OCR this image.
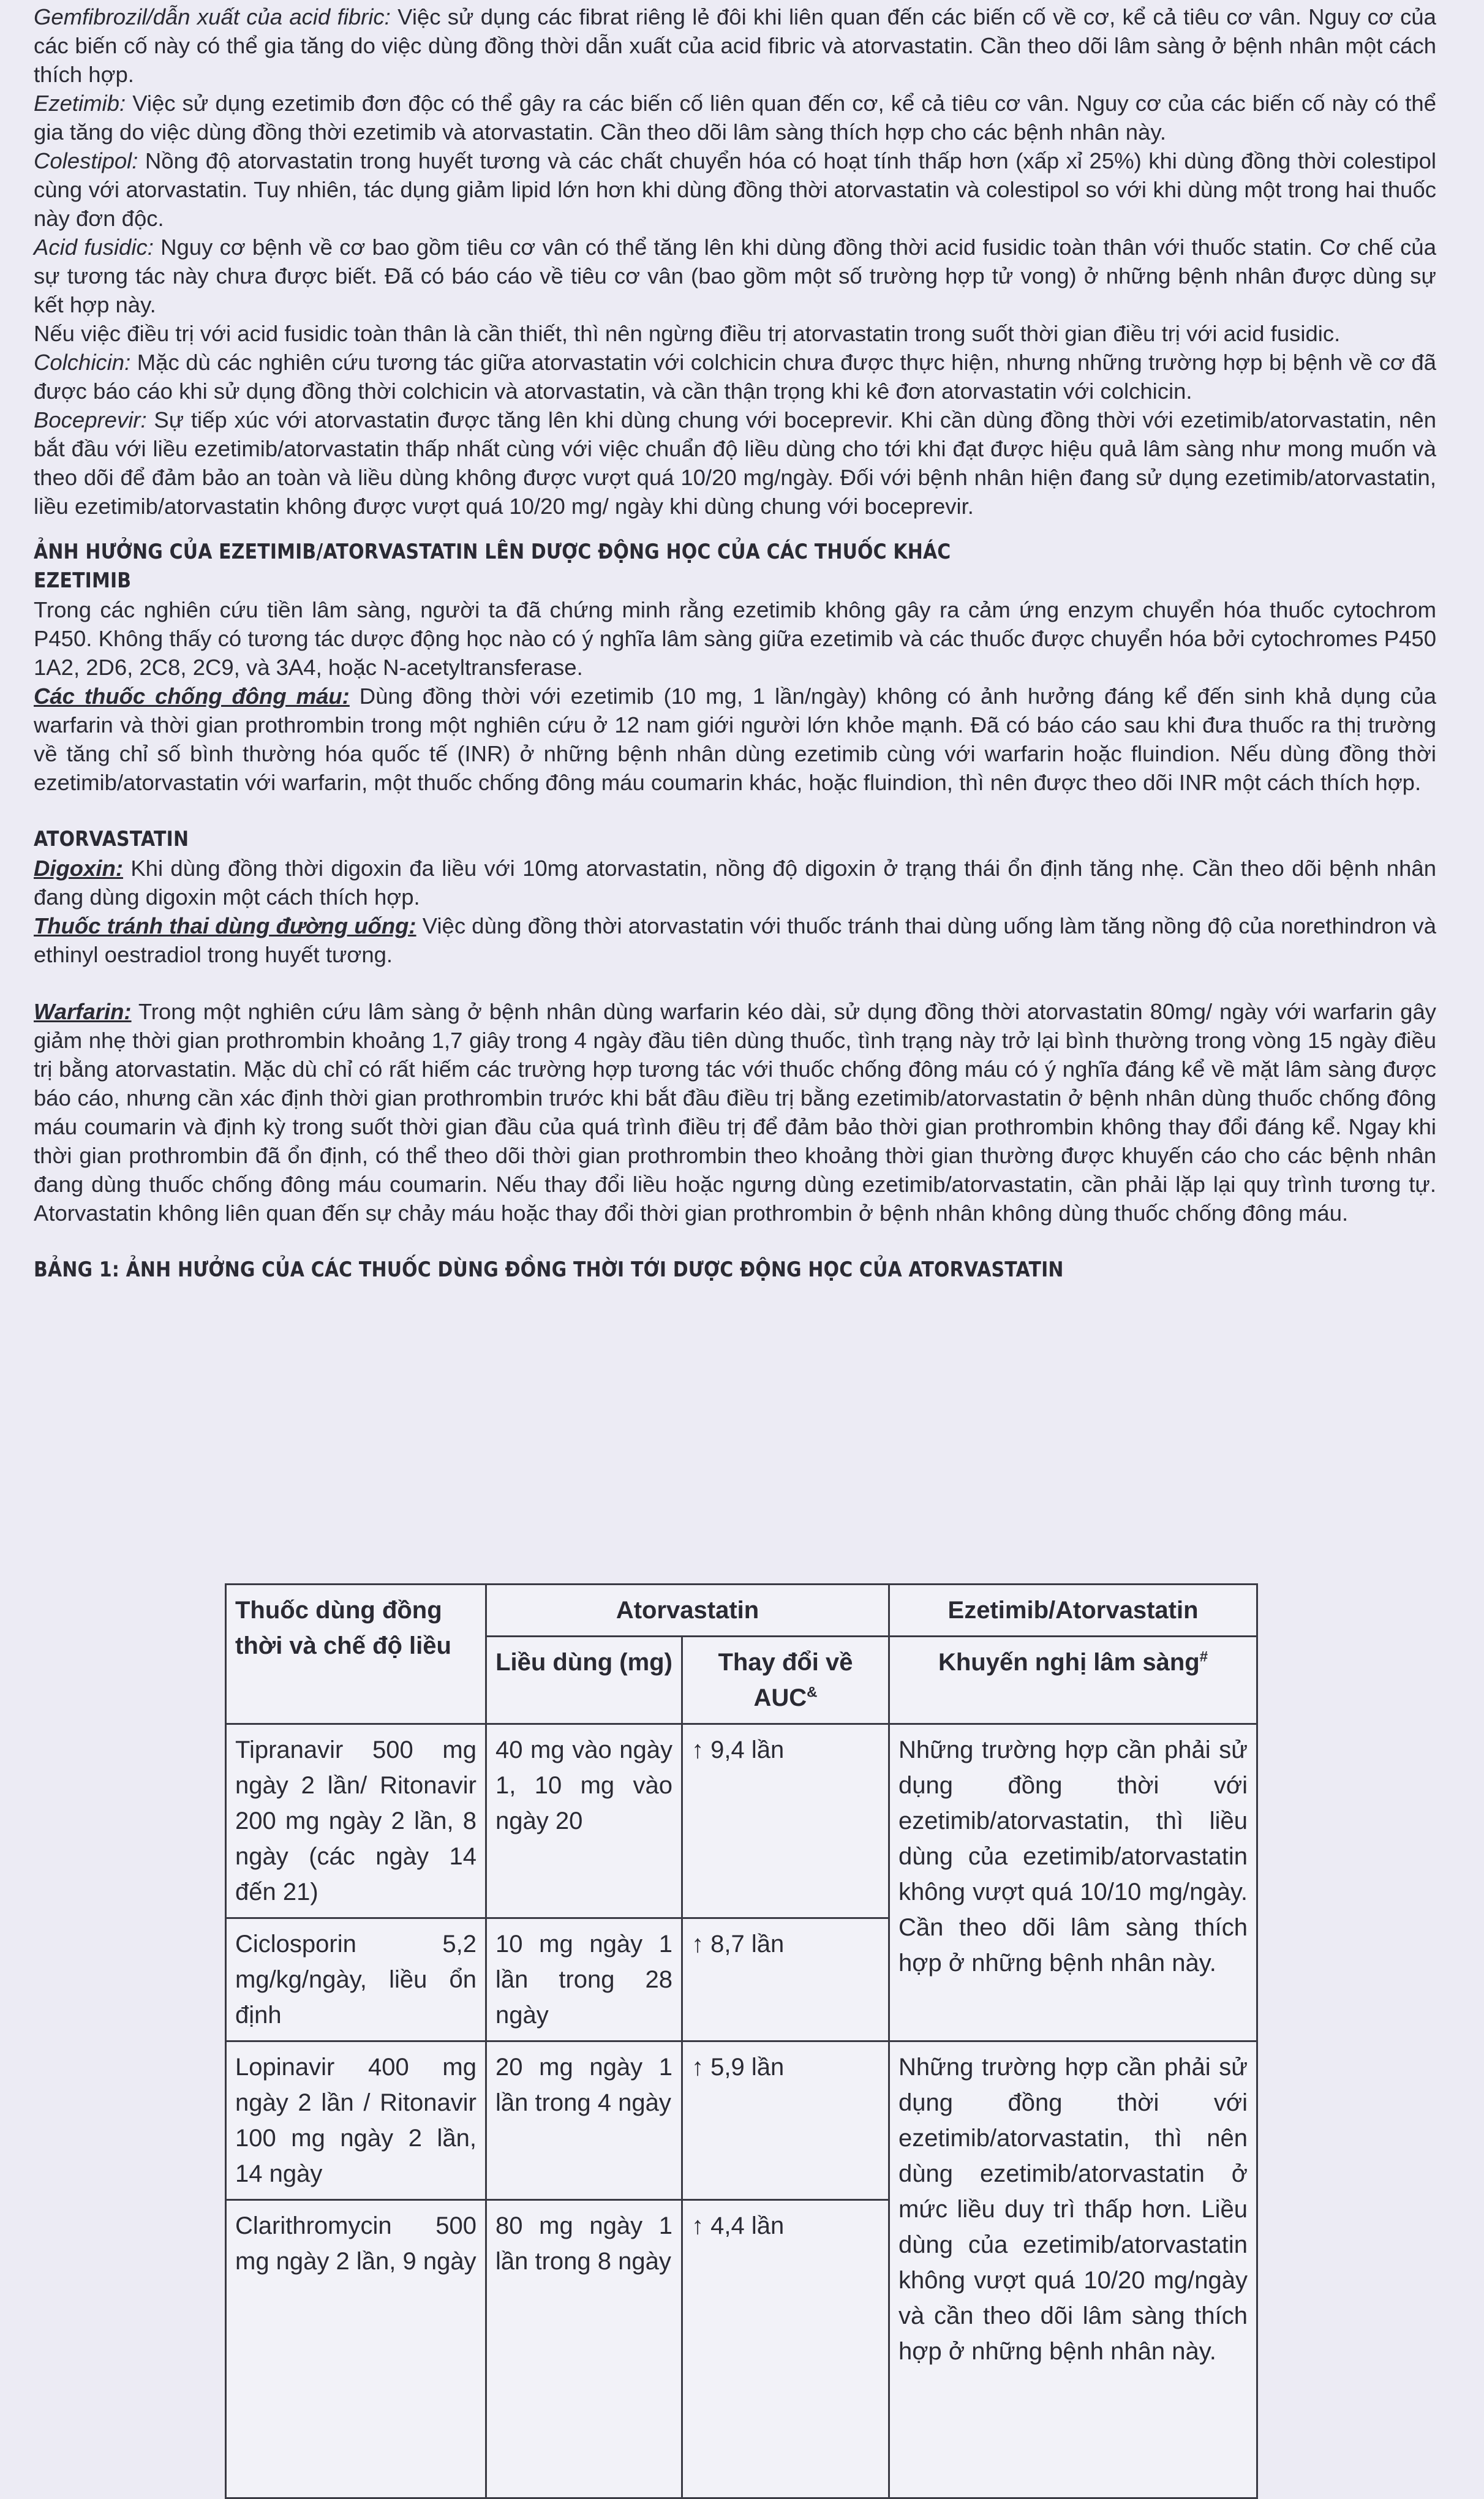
Gemfibrozil/dẫn xuất của acid fibric: Việc sử dụng các fibrat riêng lẻ đôi khi liên quan đến các biến cố về cơ, kể cả tiêu cơ vân. Nguy cơ của các biến cố này có thể gia tăng do việc dùng đồng thời dẫn xuất của acid fibric và atorvastatin. Cần theo dõi lâm sàng ở bệnh nhân một cách thích hợp.

Ezetimib: Việc sử dụng ezetimib đơn độc có thể gây ra các biến cố liên quan đến cơ, kể cả tiêu cơ vân. Nguy cơ của các biến cố này có thể gia tăng do việc dùng đồng thời ezetimib và atorvastatin. Cần theo dõi lâm sàng thích hợp cho các bệnh nhân này.

Colestipol: Nồng độ atorvastatin trong huyết tương và các chất chuyển hóa có hoạt tính thấp hơn (xấp xỉ 25%) khi dùng đồng thời colestipol cùng với atorvastatin. Tuy nhiên, tác dụng giảm lipid lớn hơn khi dùng đồng thời atorvastatin và colestipol so với khi dùng một trong hai thuốc này đơn độc.

Acid fusidic: Nguy cơ bệnh về cơ bao gồm tiêu cơ vân có thể tăng lên khi dùng đồng thời acid fusidic toàn thân với thuốc statin. Cơ chế của sự tương tác này chưa được biết. Đã có báo cáo về tiêu cơ vân (bao gồm một số trường hợp tử vong) ở những bệnh nhân được dùng sự kết hợp này.

Nếu việc điều trị với acid fusidic toàn thân là cần thiết, thì nên ngừng điều trị atorvastatin trong suốt thời gian điều trị với acid fusidic.

Colchicin: Mặc dù các nghiên cứu tương tác giữa atorvastatin với colchicin chưa được thực hiện, nhưng những trường hợp bị bệnh về cơ đã được báo cáo khi sử dụng đồng thời colchicin và atorvastatin, và cần thận trọng khi kê đơn atorvastatin với colchicin.

Boceprevir: Sự tiếp xúc với atorvastatin được tăng lên khi dùng chung với boceprevir. Khi cần dùng đồng thời với ezetimib/atorvastatin, nên bắt đầu với liều ezetimib/atorvastatin thấp nhất cùng với việc chuẩn độ liều dùng cho tới khi đạt được hiệu quả lâm sàng như mong muốn và theo dõi để đảm bảo an toàn và liều dùng không được vượt quá 10/20 mg/ngày. Đối với bệnh nhân hiện đang sử dụng ezetimib/atorvastatin, liều ezetimib/atorvastatin không được vượt quá 10/20 mg/ ngày khi dùng chung với boceprevir.

ẢNH HƯỞNG CỦA EZETIMIB/ATORVASTATIN LÊN DƯỢC ĐỘNG HỌC CỦA CÁC THUỐC KHÁC
EZETIMIB

Trong các nghiên cứu tiền lâm sàng, người ta đã chứng minh rằng ezetimib không gây ra cảm ứng enzym chuyển hóa thuốc cytochrom P450. Không thấy có tương tác dược động học nào có ý nghĩa lâm sàng giữa ezetimib và các thuốc được chuyển hóa bởi cytochromes P450 1A2, 2D6, 2C8, 2C9, và 3A4, hoặc N-acetyltransferase.

Các thuốc chống đông máu: Dùng đồng thời với ezetimib (10 mg, 1 lần/ngày) không có ảnh hưởng đáng kể đến sinh khả dụng của warfarin và thời gian prothrombin trong một nghiên cứu ở 12 nam giới người lớn khỏe mạnh. Đã có báo cáo sau khi đưa thuốc ra thị trường về tăng chỉ số bình thường hóa quốc tế (INR) ở những bệnh nhân dùng ezetimib cùng với warfarin hoặc fluindion. Nếu dùng đồng thời ezetimib/atorvastatin với warfarin, một thuốc chống đông máu coumarin khác, hoặc fluindion, thì nên được theo dõi INR một cách thích hợp.

ATORVASTATIN

Digoxin: Khi dùng đồng thời digoxin đa liều với 10mg atorvastatin, nồng độ digoxin ở trạng thái ổn định tăng nhẹ. Cần theo dõi bệnh nhân đang dùng digoxin một cách thích hợp.

Thuốc tránh thai dùng đường uống: Việc dùng đồng thời atorvastatin với thuốc tránh thai dùng uống làm tăng nồng độ của norethindron và ethinyl oestradiol trong huyết tương.

Warfarin: Trong một nghiên cứu lâm sàng ở bệnh nhân dùng warfarin kéo dài, sử dụng đồng thời atorvastatin 80mg/ ngày với warfarin gây giảm nhẹ thời gian prothrombin khoảng 1,7 giây trong 4 ngày đầu tiên dùng thuốc, tình trạng này trở lại bình thường trong vòng 15 ngày điều trị bằng atorvastatin. Mặc dù chỉ có rất hiếm các trường hợp tương tác với thuốc chống đông máu có ý nghĩa đáng kể về mặt lâm sàng được báo cáo, nhưng cần xác định thời gian prothrombin trước khi bắt đầu điều trị bằng ezetimib/atorvastatin ở bệnh nhân dùng thuốc chống đông máu coumarin và định kỳ trong suốt thời gian đầu của quá trình điều trị để đảm bảo thời gian prothrombin không thay đổi đáng kể. Ngay khi thời gian prothrombin đã ổn định, có thể theo dõi thời gian prothrombin theo khoảng thời gian thường được khuyến cáo cho các bệnh nhân đang dùng thuốc chống đông máu coumarin. Nếu thay đổi liều hoặc ngưng dùng ezetimib/atorvastatin, cần phải lặp lại quy trình tương tự. Atorvastatin không liên quan đến sự chảy máu hoặc thay đổi thời gian prothrombin ở bệnh nhân không dùng thuốc chống đông máu.

BẢNG 1: ẢNH HƯỞNG CỦA CÁC THUỐC DÙNG ĐỒNG THỜI TỚI DƯỢC ĐỘNG HỌC CỦA ATORVASTATIN
Thuốc dùng đồng thời và chế độ liều	Atorvastatin		Ezetimib/Atorvastatin
	Liều dùng (mg)	Thay đổi về AUC&	Khuyến nghị lâm sàng#
Tipranavir 500 mg ngày 2 lần/ Ritonavir 200 mg ngày 2 lần, 8 ngày (các ngày 14 đến 21)	40 mg vào ngày 1, 10 mg vào ngày 20	↑ 9,4 lần	Những trường hợp cần phải sử dụng đồng thời với ezetimib/atorvastatin, thì liều dùng của ezetimib/atorvastatin không vượt quá 10/10 mg/ngày. Cần theo dõi lâm sàng thích hợp ở những bệnh nhân này.
Ciclosporin 5,2 mg/kg/ngày, liều ổn định	10 mg ngày 1 lần trong 28 ngày	↑ 8,7 lần	
Lopinavir 400 mg ngày 2 lần / Ritonavir 100 mg ngày 2 lần, 14 ngày	20 mg ngày 1 lần trong 4 ngày	↑ 5,9 lần	Những trường hợp cần phải sử dụng đồng thời với ezetimib/atorvastatin, thì nên dùng ezetimib/atorvastatin ở mức liều duy trì thấp hơn. Liều dùng của ezetimib/atorvastatin không vượt quá 10/20 mg/ngày và cần theo dõi lâm sàng thích hợp ở những bệnh nhân này.
Clarithromycin 500 mg ngày 2 lần, 9 ngày	80 mg ngày 1 lần trong 8 ngày	↑ 4,4 lần	
